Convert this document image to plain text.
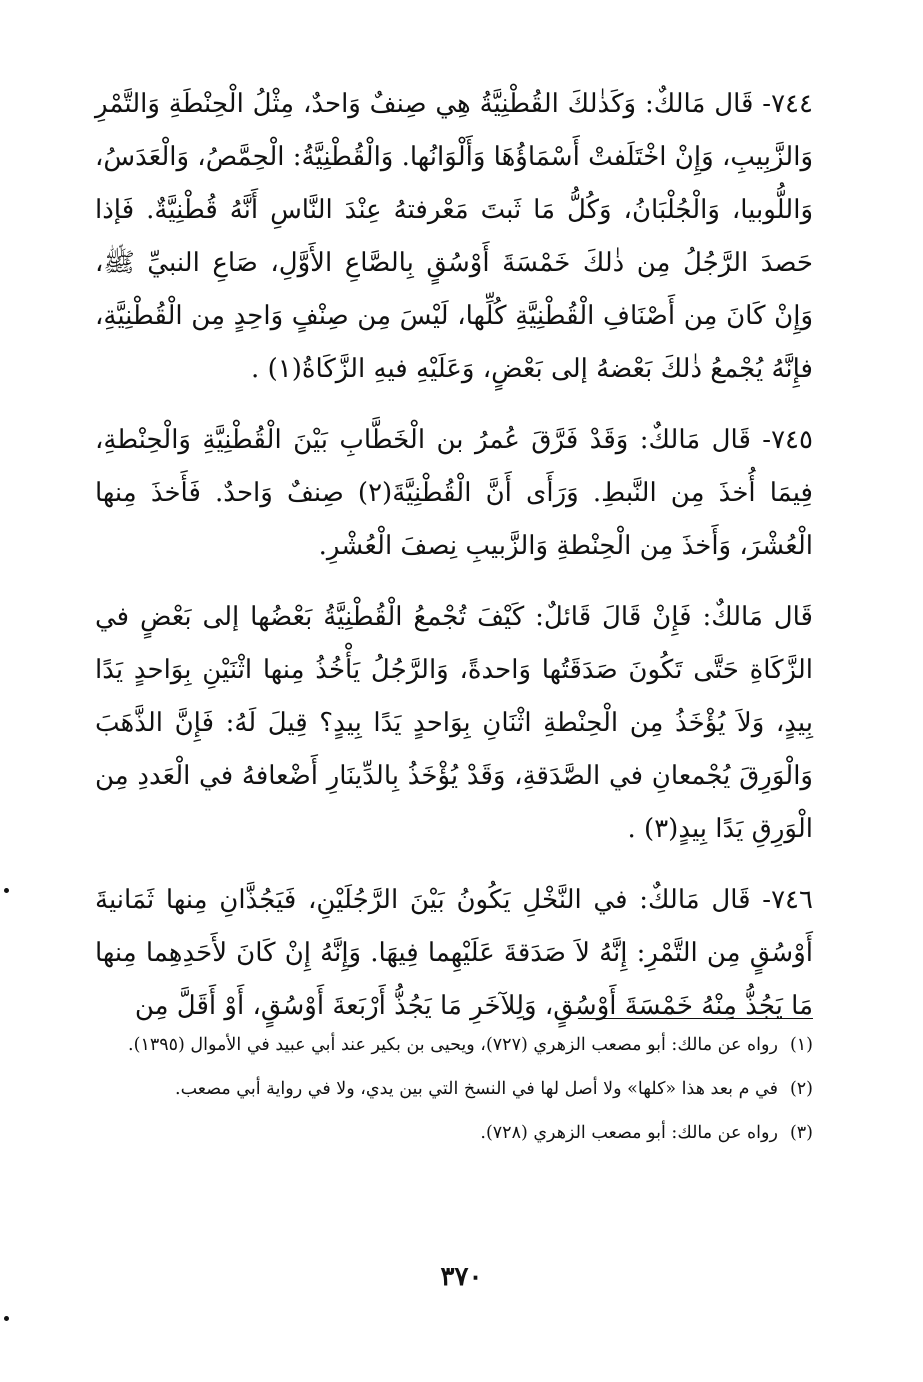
٧٤٤- قَال مَالكٌ: وَكَذٰلكَ القُطْنِيَّةُ هِي صِنفٌ وَاحدٌ، مِثْلُ الْحِنْطَةِ وَالتَّمْرِ وَالزَّبِيبِ، وَإِنْ اخْتَلَفتْ أَسْمَاؤُهَا وَأَلْوَانُها. وَالْقُطْنِيَّةُ: الْحِمَّصُ، وَالْعَدَسُ، وَاللُّوبيا، وَالْجُلْبَانُ، وَكُلُّ مَا ثَبتَ مَعْرفتهُ عِنْدَ النَّاسِ أَنَّهُ قُطْنِيَّةٌ. فَإذا حَصدَ الرَّجُلُ مِن ذٰلكَ خَمْسَةَ أَوْسُقٍ بِالصَّاعِ الأَوَّلِ، صَاعِ النبيِّ ﷺ، وَإِنْ كَانَ مِن أَصْنَافِ الْقُطْنِيَّةِ كُلِّها، لَيْسَ مِن صِنْفٍ وَاحِدٍ مِن الْقُطْنِيَّةِ، فإِنَّهُ يُجْمعُ ذٰلكَ بَعْضهُ إلى بَعْضٍ، وَعَلَيْهِ فيهِ الزَّكَاةُ(١) .

٧٤٥- قَال مَالكٌ: وَقَدْ فَرَّقَ عُمرُ بن الْخَطَّابِ بَيْنَ الْقُطْنِيَّةِ وَالْحِنْطةِ، فِيمَا أُخذَ مِن النَّبطِ. وَرَأَى أَنَّ الْقُطْنِيَّةَ(٢) صِنفٌ وَاحدٌ. فَأَخذَ مِنها الْعُشْرَ، وَأَخذَ مِن الْحِنْطةِ وَالزَّبيبِ نِصفَ الْعُشْرِ.

قَال مَالكٌ: فَإِنْ قَالَ قَائلٌ: كَيْفَ تُجْمعُ الْقُطْنِيَّةُ بَعْضُها إلى بَعْضٍ في الزَّكَاةِ حَتَّى تَكُونَ صَدَقَتُها وَاحدةً، وَالرَّجُلُ يَأْخُذُ مِنها اثْنَيْنِ بِوَاحدٍ يَدًا بِيدٍ، وَلاَ يُؤْخَذُ مِن الْحِنْطةِ اثْنَانِ بِوَاحدٍ يَدًا بِيدٍ؟ قِيلَ لَهُ: فَإِنَّ الذَّهَبَ وَالْوَرِقَ يُجْمعانِ في الصَّدَقةِ، وَقَدْ يُؤْخَذُ بِالدِّينَارِ أَضْعافهُ في الْعَددِ مِن الْوَرِقِ يَدًا بِيدٍ(٣) .

٧٤٦- قَال مَالكٌ: في النَّخْلِ يَكُونُ بَيْنَ الرَّجُلَيْنِ، فَيَجُذَّانِ مِنها ثَمَانيةَ أَوْسُقٍ مِن التَّمْرِ: إِنَّهُ لاَ صَدَقةَ عَلَيْهِما فِيهَا. وَإِنَّهُ إِنْ كَانَ لأَحَدِهِما مِنها مَا يَجُذُّ مِنْهُ خَمْسَةَ أَوْسُقٍ، وَلِلآخَرِ مَا يَجُذُّ أَرْبَعةَ أَوْسُقٍ، أَوْ أَقَلَّ مِن

(١)
رواه عن مالك: أبو مصعب الزهري (٧٢٧)، ويحيى بن بكير عند أبي عبيد في الأموال (١٣٩٥).
(٢)
في م بعد هذا «كلها» ولا أصل لها في النسخ التي بين يدي، ولا في رواية أبي مصعب.
(٣)
رواه عن مالك: أبو مصعب الزهري (٧٢٨).
٣٧٠
